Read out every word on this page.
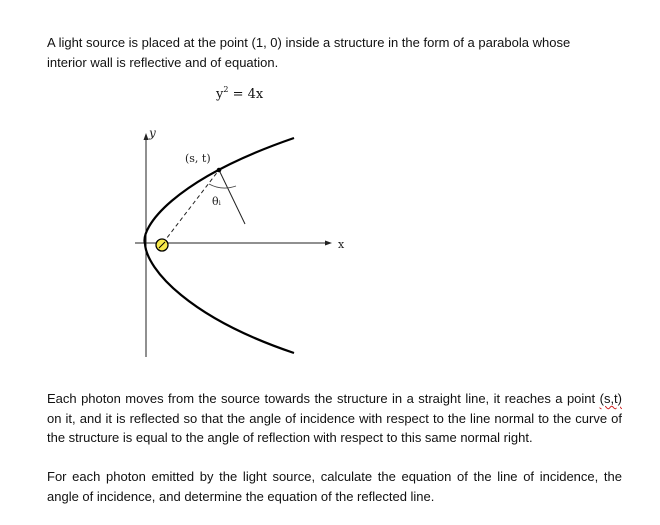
A light source is placed at the point (1, 0) inside a structure in the form of a parabola whose
interior wall is reflective and of equation.

$y^2 = 4x$
y
x
(s, t)
θᵢ

Each photon moves from the source towards the structure in a straight line, it reaches a point (s,t) on it, and it is reflected so that the angle of incidence with respect to the line normal to the curve of the structure is equal to the angle of reflection with respect to this same normal right.

For each photon emitted by the light source, calculate the equation of the line of incidence, the angle of incidence, and determine the equation of the reflected line.
